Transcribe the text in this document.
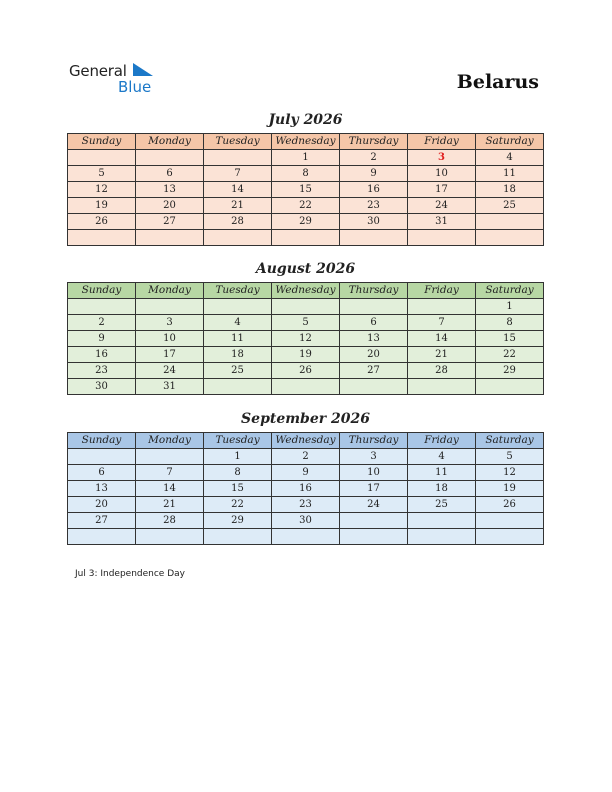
General
Blue	Belarus
July 2026
Sunday	Monday	Tuesday	Wednesday	Thursday	Friday	Saturday
			1	2	3	4
5	6	7	8	9	10	11
12	13	14	15	16	17	18
19	20	21	22	23	24	25
26	27	28	29	30	31	

August 2026
Sunday	Monday	Tuesday	Wednesday	Thursday	Friday	Saturday
						1
2	3	4	5	6	7	8
9	10	11	12	13	14	15
16	17	18	19	20	21	22
23	24	25	26	27	28	29
30	31					
September 2026
Sunday	Monday	Tuesday	Wednesday	Thursday	Friday	Saturday
		1	2	3	4	5
6	7	8	9	10	11	12
13	14	15	16	17	18	19
20	21	22	23	24	25	26
27	28	29	30			

Jul 3: Independence Day
